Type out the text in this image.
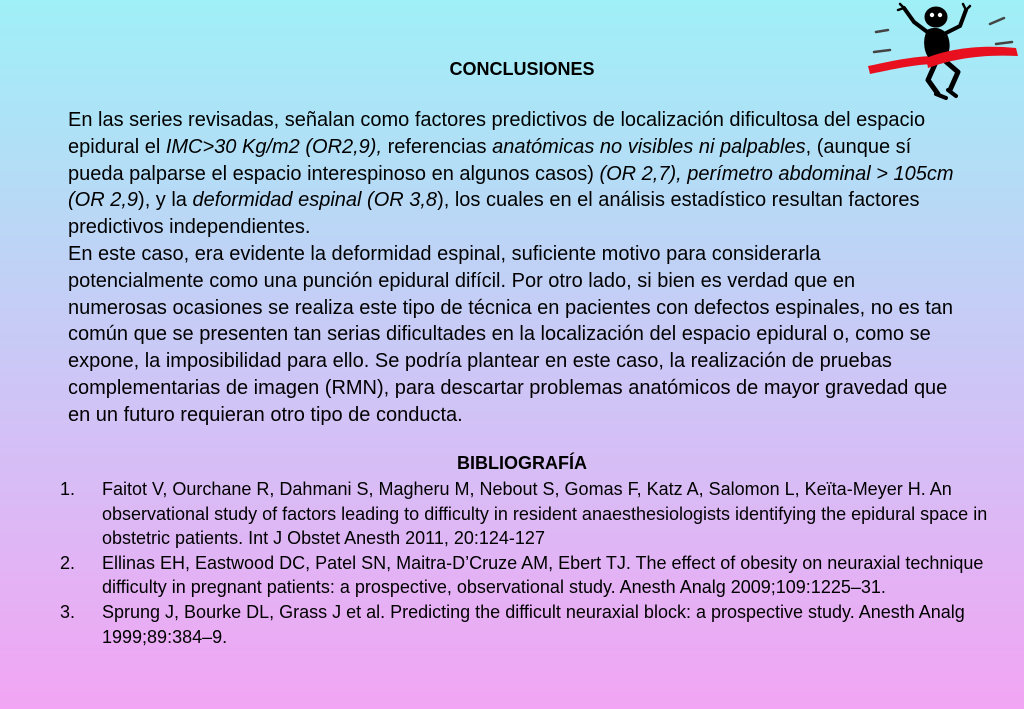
CONCLUSIONES

En las series revisadas, señalan como factores predictivos de localización dificultosa del espacio epidural el IMC>30 Kg/m2 (OR2,9), referencias anatómicas no visibles ni palpables, (aunque sí pueda palparse el espacio interespinoso en algunos casos) (OR 2,7), perímetro abdominal > 105cm (OR 2,9), y la deformidad espinal (OR 3,8), los cuales en el análisis estadístico resultan factores predictivos independientes.

En este caso, era evidente la deformidad espinal, suficiente motivo para considerarla potencialmente como una punción epidural difícil. Por otro lado, si bien es verdad que en numerosas ocasiones se realiza este tipo de técnica en pacientes con defectos espinales, no es tan común que se presenten tan serias dificultades en la localización del espacio epidural o, como se expone, la imposibilidad para ello. Se podría plantear en este caso, la realización de pruebas complementarias de imagen (RMN), para descartar problemas anatómicos de mayor gravedad que en un futuro requieran otro tipo de conducta.

BIBLIOGRAFÍA
1.	Faitot V, Ourchane R, Dahmani S, Magheru M, Nebout S, Gomas F, Katz A, Salomon L, Keïta-Meyer H. An observational study of factors leading to difficulty in resident anaesthesiologists identifying the epidural space in obstetric patients. Int J Obstet Anesth 2011, 20:124-127
2.	Ellinas EH, Eastwood DC, Patel SN, Maitra-D’Cruze AM, Ebert TJ. The effect of obesity on neuraxial technique difficulty in pregnant patients: a prospective, observational study. Anesth Analg 2009;109:1225–31.
3.	Sprung J, Bourke DL, Grass J et al. Predicting the difficult neuraxial block: a prospective study. Anesth Analg 1999;89:384–9.
